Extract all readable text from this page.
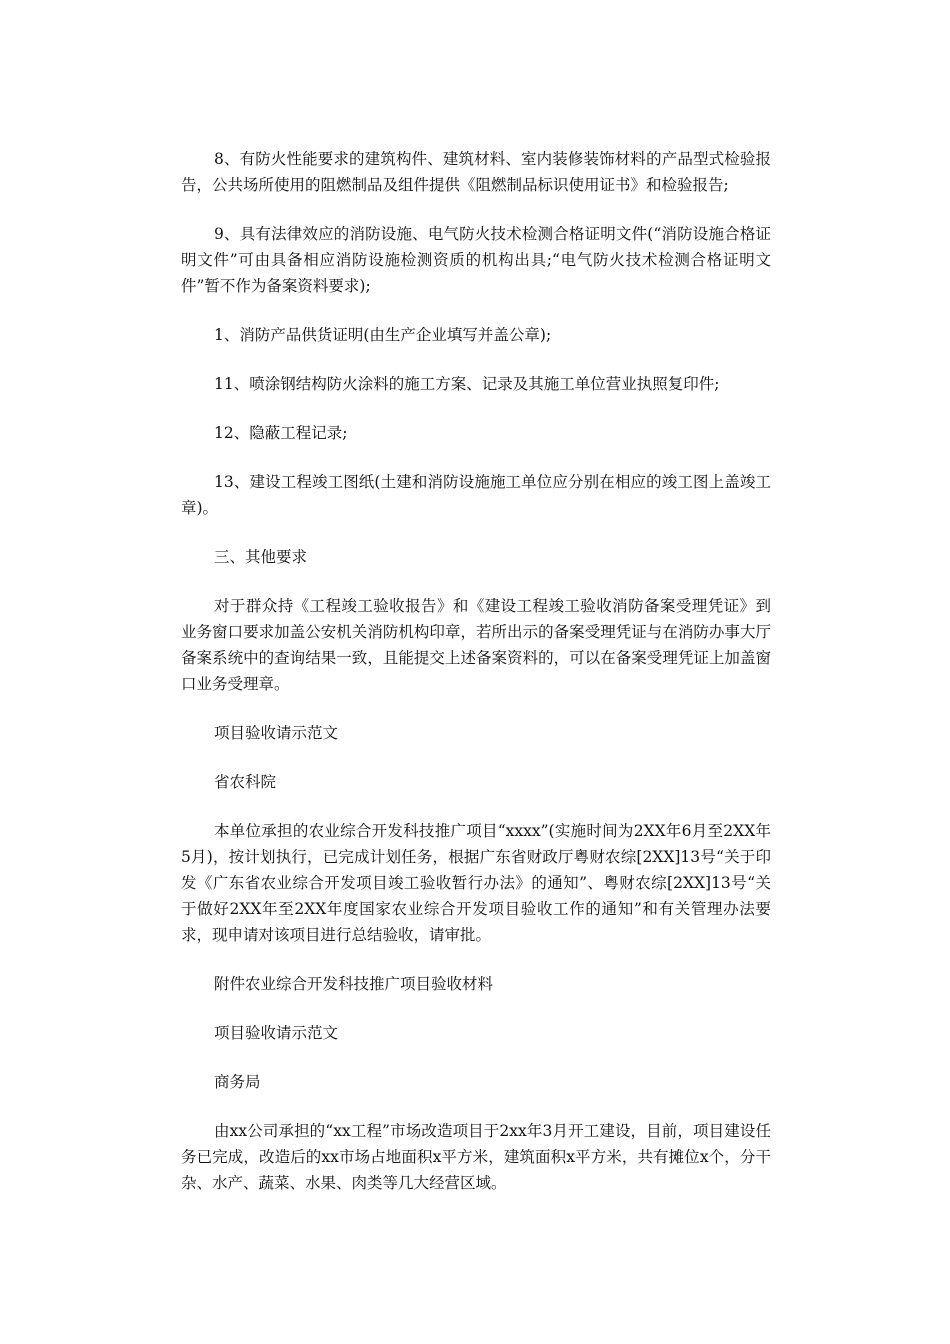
8、有防火性能要求的建筑构件、建筑材料、室内装修装饰材料的产品型式检验报告，公共场所使用的阻燃制品及组件提供《阻燃制品标识使用证书》和检验报告;

9、具有法律效应的消防设施、电气防火技术检测合格证明文件(“消防设施合格证明文件”可由具备相应消防设施检测资质的机构出具;“电气防火技术检测合格证明文件”暂不作为备案资料要求);

1、消防产品供货证明(由生产企业填写并盖公章);

11、喷涂钢结构防火涂料的施工方案、记录及其施工单位营业执照复印件;

12、隐蔽工程记录;

13、建设工程竣工图纸(土建和消防设施施工单位应分别在相应的竣工图上盖竣工章)。

三、其他要求

对于群众持《工程竣工验收报告》和《建设工程竣工验收消防备案受理凭证》到业务窗口要求加盖公安机关消防机构印章，若所出示的备案受理凭证与在消防办事大厅备案系统中的查询结果一致，且能提交上述备案资料的，可以在备案受理凭证上加盖窗口业务受理章。

项目验收请示范文

省农科院

本单位承担的农业综合开发科技推广项目“xxxx”(实施时间为2XX年6月至2XX年5月)，按计划执行，已完成计划任务，根据广东省财政厅粤财农综[2XX]13号“关于印发《广东省农业综合开发项目竣工验收暂行办法》的通知”、粤财农综[2XX]13号“关于做好2XX年至2XX年度国家农业综合开发项目验收工作的通知”和有关管理办法要求，现申请对该项目进行总结验收，请审批。

附件农业综合开发科技推广项目验收材料

项目验收请示范文

商务局

由xx公司承担的“xx工程”市场改造项目于2xx年3月开工建设，目前，项目建设任务已完成，改造后的xx市场占地面积x平方米，建筑面积x平方米，共有摊位x个，分干杂、水产、蔬菜、水果、肉类等几大经营区域。
